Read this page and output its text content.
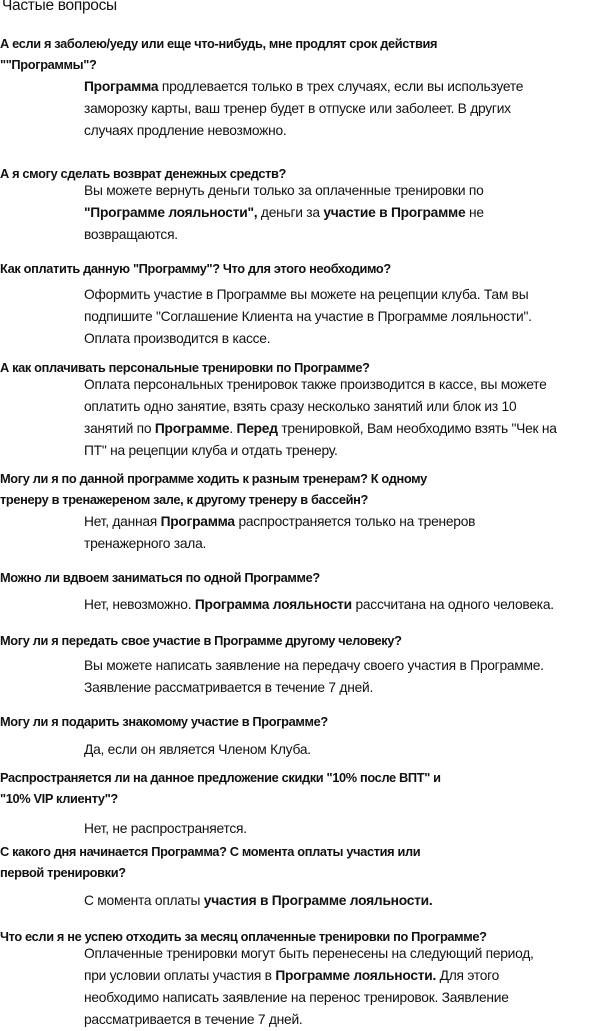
Частые вопросы
А если я заболею/уеду или еще что-нибудь, мне продлят срок действия
""Программы"?
Программа продлевается только в трех случаях, если вы используете
заморозку карты, ваш тренер будет в отпуске или заболеет. В других
случаях продление невозможно.
А я смогу сделать возврат денежных средств?
Вы можете вернуть деньги только за оплаченные тренировки по
"Программе лояльности", деньги за участие в Программе не
возвращаются.
Как оплатить данную "Программу"? Что для этого необходимо?
Оформить участие в Программе вы можете на рецепции клуба. Там вы
подпишите "Соглашение Клиента на участие в Программе лояльности".
Оплата производится в кассе.
А как оплачивать персональные тренировки по Программе?
Оплата персональных тренировок также производится в кассе, вы можете
оплатить одно занятие, взять сразу несколько занятий или блок из 10
занятий по Программе. Перед тренировкой, Вам необходимо взять "Чек на
ПТ" на рецепции клуба и отдать тренеру.
Могу ли я по данной программе ходить к разным тренерам? К одному
тренеру в тренажереном зале, к другому тренеру в бассейн?
Нет, данная Программа распространяется только на тренеров
тренажерного зала.
Можно ли вдвоем заниматься по одной Программе?
Нет, невозможно. Программа лояльности рассчитана на одного человека.
Могу ли я передать свое участие в Программе другому человеку?
Вы можете написать заявление на передачу своего участия в Программе.
Заявление рассматривается в течение 7 дней.
Могу ли я подарить знакомому участие в Программе?
Да, если он является Членом Клуба.
Распространяется ли на данное предложение скидки "10% после ВПТ" и
"10% VIP клиенту"?
Нет, не распространяется.
С какого дня начинается Программа? С момента оплаты участия или
первой тренировки?
С момента оплаты участия в Программе лояльности.
Что если я не успею отходить за месяц оплаченные тренировки по Программе?
Оплаченные тренировки могут быть перенесены на следующий период,
при условии оплаты участия в Программе лояльности. Для этого
необходимо написать заявление на перенос тренировок. Заявление
рассматривается в течение 7 дней.
